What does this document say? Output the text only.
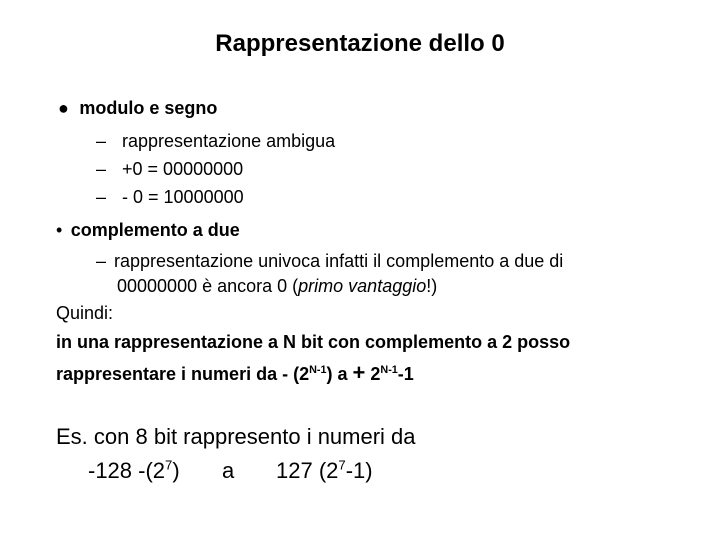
Rappresentazione dello 0
● modulo e segno
– rappresentazione ambigua
– +0 = 00000000
– - 0 = 10000000
• complemento a due
– rappresentazione univoca infatti il complemento a due di
00000000 è ancora 0 (primo vantaggio!)
Quindi:
in una rappresentazione a N bit con complemento a 2 posso
rappresentare i numeri da - $(2^{N-1}) a + 2^{N-1}-1$
Es. con 8 bit rappresento i numeri da
-128 $-(2^7)$ a 127 $(2^7-1)$
